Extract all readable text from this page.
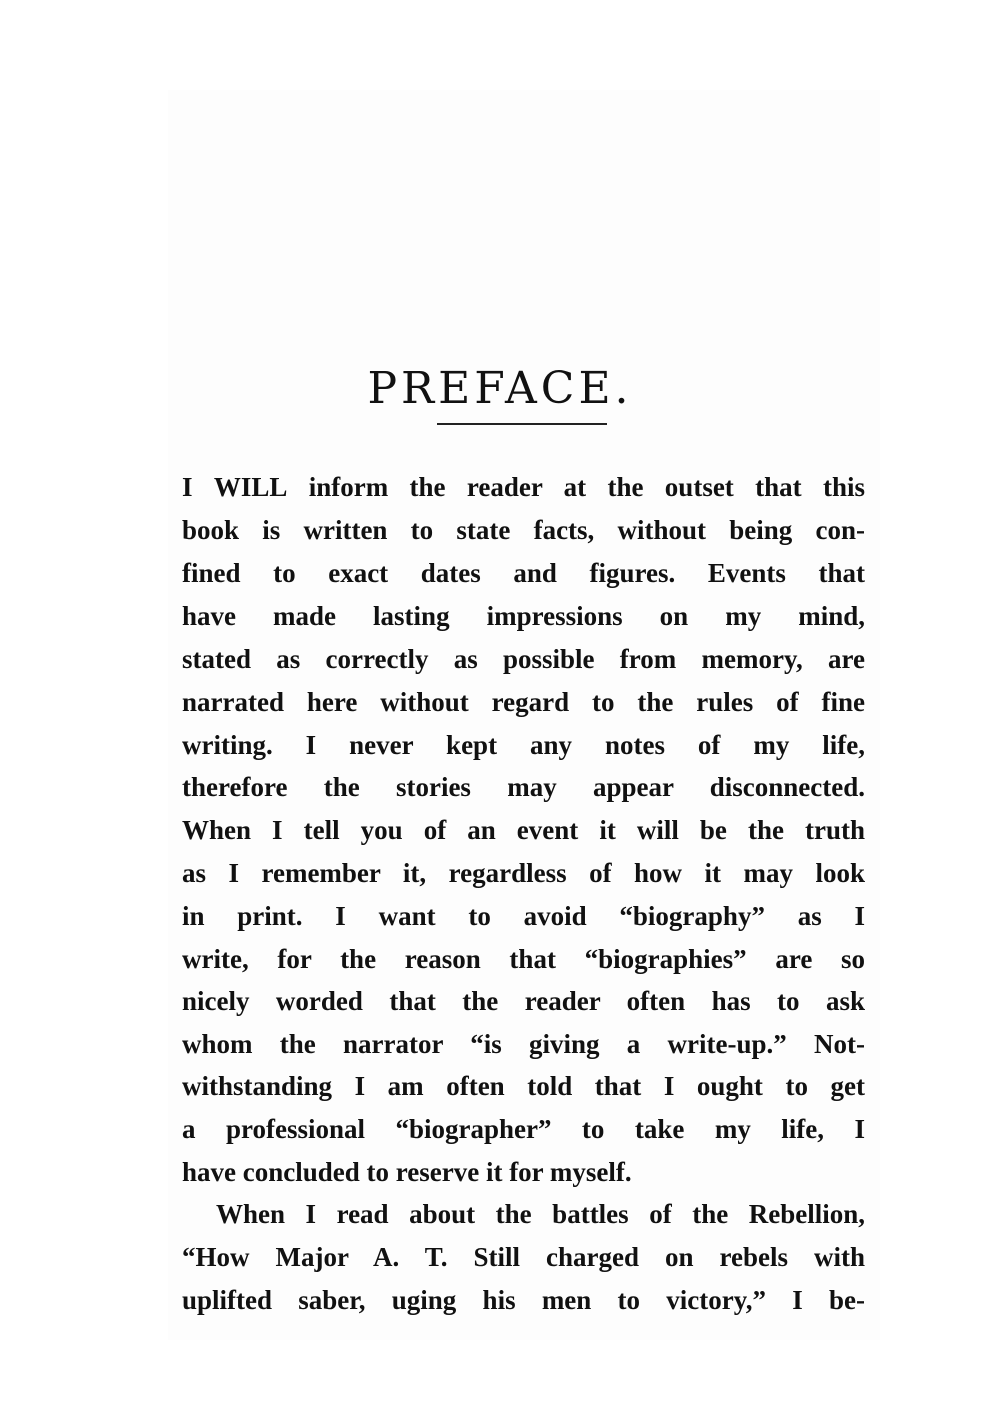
PREFACE.
I WILL inform the reader at the outset that this
book is written to state facts, without being con-
fined to exact dates and figures. Events that
have made lasting impressions on my mind,
stated as correctly as possible from memory, are
narrated here without regard to the rules of fine
writing. I never kept any notes of my life,
therefore the stories may appear disconnected.
When I tell you of an event it will be the truth
as I remember it, regardless of how it may look
in print. I want to avoid “biography” as I
write, for the reason that “biographies” are so
nicely worded that the reader often has to ask
whom the narrator “is giving a write-up.” Not-
withstanding I am often told that I ought to get
a professional “biographer” to take my life, I
have concluded to reserve it for myself.
When I read about the battles of the Rebellion,
“How Major A. T. Still charged on rebels with
uplifted saber, uging his men to victory,” I be-
